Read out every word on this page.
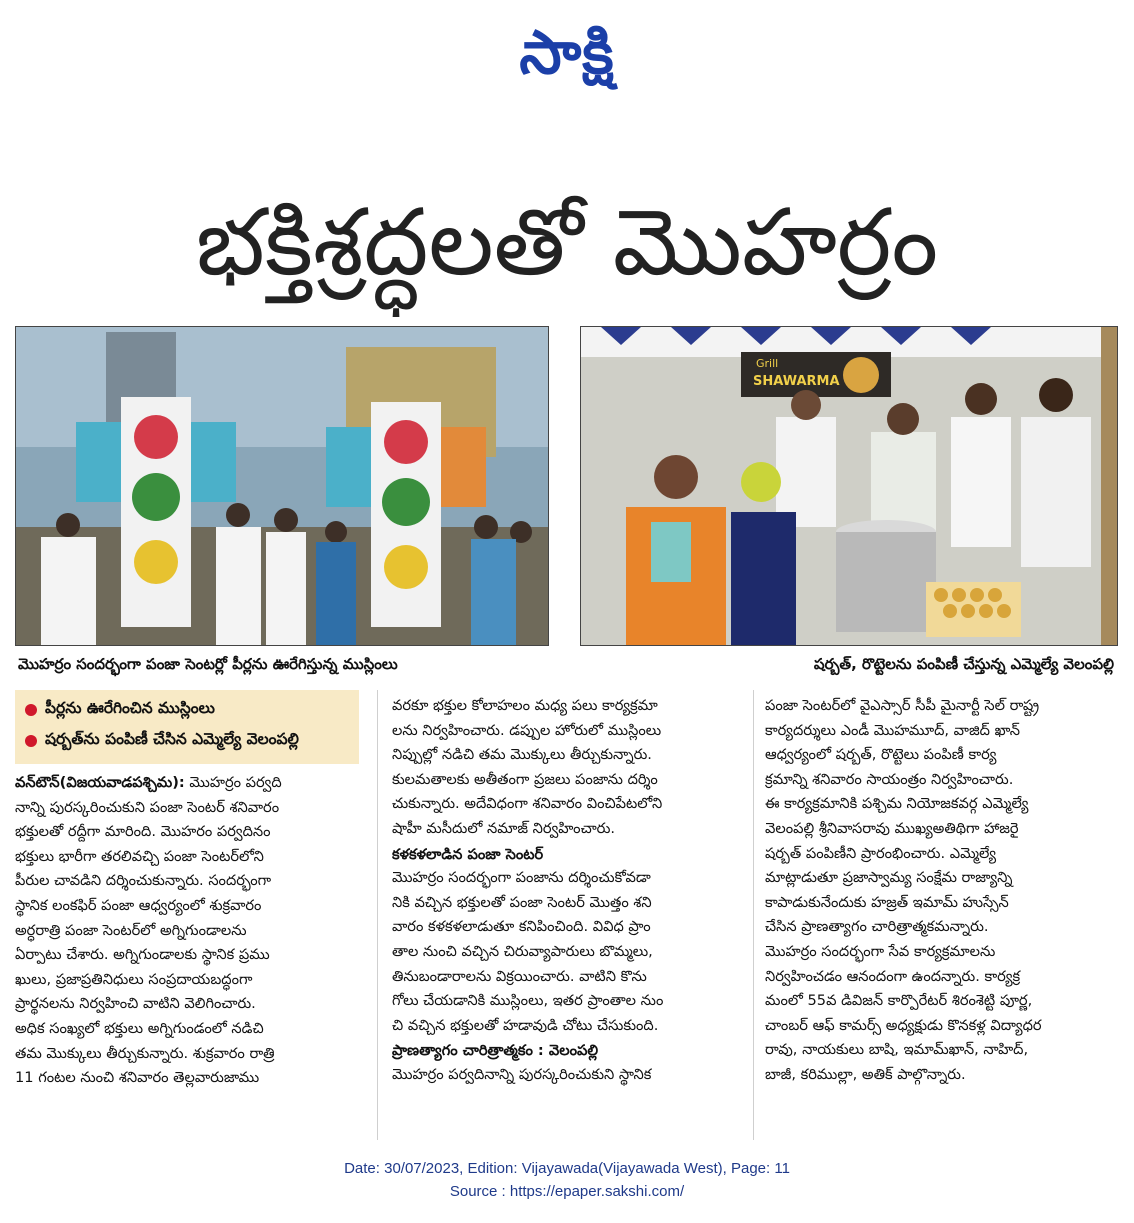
సాక్షి
భక్తిశ్రద్ధలతో మొహర్రం
SHAWARMA
Grill
మొహర్రం సందర్భంగా పంజా సెంటర్లో పీర్లను ఊరేగిస్తున్న ముస్లింలు	షర్బత్, రొట్టెలను పంపిణీ చేస్తున్న ఎమ్మెల్యే వెలంపల్లి
పీర్లను ఊరేగించిన ముస్లింలు
షర్బత్‌ను పంపిణీ చేసిన ఎమ్మెల్యే వెలంపల్లి
వన్‌టౌన్(విజయవాడపశ్చిమ): మొహర్రం పర్వది
నాన్ని పురస్కరించుకుని పంజా సెంటర్ శనివారం
భక్తులతో రద్దీగా మారింది. మొహరం పర్వదినం
భక్తులు భారీగా తరలివచ్చి పంజా సెంటర్‌లోని
పీరుల చావడిని దర్శించుకున్నారు. సందర్భంగా
స్థానిక లంకఫిర్ పంజా ఆధ్వర్యంలో శుక్రవారం
అర్ధరాత్రి పంజా సెంటర్‌లో అగ్నిగుండాలను
ఏర్పాటు చేశారు. అగ్నిగుండాలకు స్థానిక ప్రము
ఖులు, ప్రజాప్రతినిధులు సంప్రదాయబద్ధంగా
ప్రార్థనలను నిర్వహించి వాటిని వెలిగించారు.
అధిక సంఖ్యలో భక్తులు అగ్నిగుండంలో నడిచి
తమ మొక్కులు తీర్చుకున్నారు. శుక్రవారం రాత్రి
11 గంటల నుంచి శనివారం తెల్లవారుజాము
వరకూ భక్తుల కోలాహలం మధ్య పలు కార్యక్రమా
లను నిర్వహించారు. డప్పుల హోరులో ముస్లింలు
నిప్పుల్లో నడిచి తమ మొక్కులు తీర్చుకున్నారు.
కులమతాలకు అతీతంగా ప్రజలు పంజాను దర్శిం
చుకున్నారు. అదేవిధంగా శనివారం వించిపేటలోని
షాహీ మసీదులో నమాజ్ నిర్వహించారు.
కళకళలాడిన పంజా సెంటర్
మొహర్రం సందర్భంగా పంజాను దర్శించుకోవడా
నికి వచ్చిన భక్తులతో పంజా సెంటర్ మొత్తం శని
వారం కళకళలాడుతూ కనిపించింది. వివిధ ప్రాం
తాల నుంచి వచ్చిన చిరువ్యాపారులు బొమ్మలు,
తినుబండారాలను విక్రయించారు. వాటిని కొను
గోలు చేయడానికి ముస్లింలు, ఇతర ప్రాంతాల నుం
చి వచ్చిన భక్తులతో హడావుడి చోటు చేసుకుంది.
ప్రాణత్యాగం చారిత్రాత్మకం : వెలంపల్లి
మొహర్రం పర్వదినాన్ని పురస్కరించుకుని స్థానిక
పంజా సెంటర్‌లో వైఎస్సార్ సీపీ మైనార్టీ సెల్ రాష్ట్ర
కార్యదర్శులు ఎండీ మొహమూద్, వాజిద్ ఖాన్
ఆధ్వర్యంలో షర్బత్, రొట్టెలు పంపిణీ కార్య
క్రమాన్ని శనివారం సాయంత్రం నిర్వహించారు.
ఈ కార్యక్రమానికి పశ్చిమ నియోజకవర్గ ఎమ్మెల్యే
వెలంపల్లి శ్రీనివాసరావు ముఖ్యఅతిథిగా హాజరై
షర్బత్ పంపిణీని ప్రారంభించారు. ఎమ్మెల్యే
మాట్లాడుతూ ప్రజాస్వామ్య సంక్షేమ రాజ్యాన్ని
కాపాడుకునేందుకు హజ్రత్ ఇమామ్ హుస్సేన్
చేసిన ప్రాణత్యాగం చారిత్రాత్మకమన్నారు.
మొహర్రం సందర్భంగా సేవ కార్యక్రమాలను
నిర్వహించడం ఆనందంగా ఉందన్నారు. కార్యక్ర
మంలో 55వ డివిజన్ కార్పొరేటర్ శిరంశెట్టి పూర్ణ,
చాంబర్ ఆఫ్ కామర్స్ అధ్యక్షుడు కొనకళ్ల విద్యాధర
రావు, నాయకులు బాషి, ఇమామ్‌ఖాన్, నాహిద్,
బాజీ, కరిముల్లా, అతిక్ పాల్గొన్నారు.
Date: 30/07/2023, Edition: Vijayawada(Vijayawada West), Page: 11
Source : https://epaper.sakshi.com/
